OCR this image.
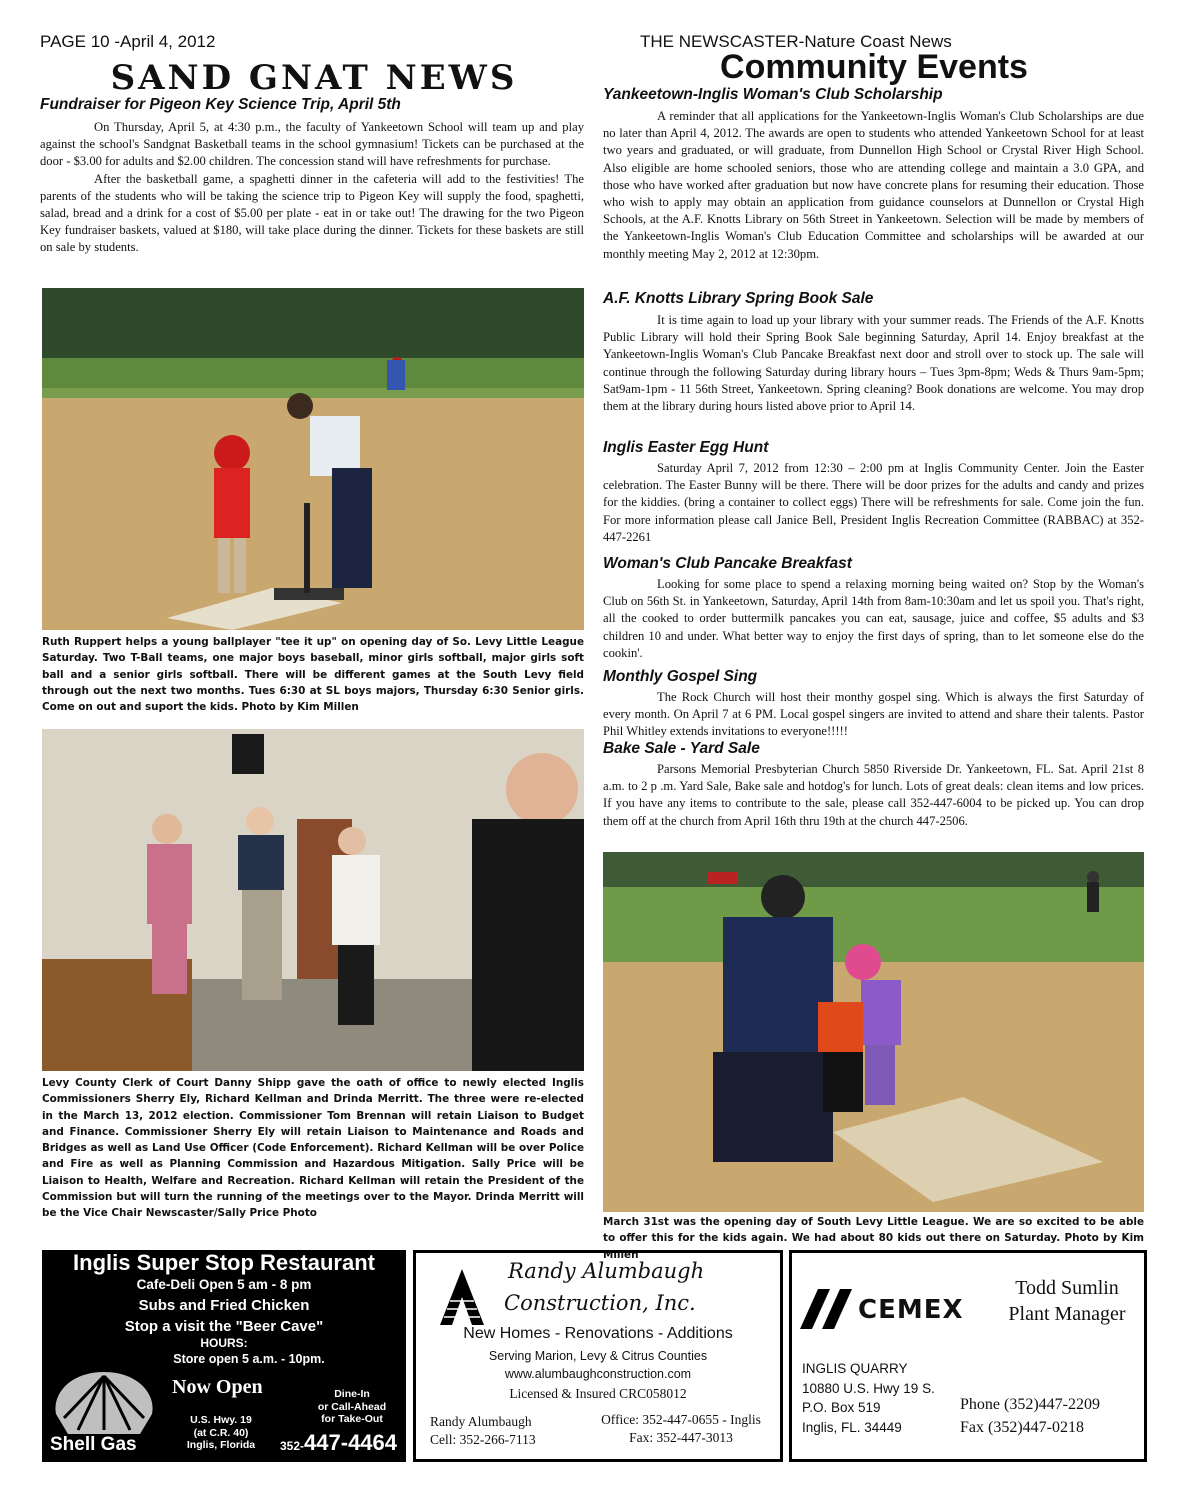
PAGE 10 -April 4, 2012	THE NEWSCASTER-Nature Coast News
SAND GNAT NEWS
Fundraiser for Pigeon Key Science Trip, April 5th

On Thursday, April 5, at 4:30 p.m., the faculty of Yankeetown School will team up and play against the school's Sandgnat Basketball teams in the school gymnasium! Tickets can be purchased at the door - $3.00 for adults and $2.00 children. The concession stand will have refreshments for purchase.

After the basketball game, a spaghetti dinner in the cafeteria will add to the festivities! The parents of the students who will be taking the science trip to Pigeon Key will supply the food, spaghetti, salad, bread and a drink for a cost of $5.00 per plate - eat in or take out! The drawing for the two Pigeon Key fundraiser baskets, valued at $180, will take place during the dinner. Tickets for these baskets are still on sale by students.

Ruth Ruppert helps a young ballplayer "tee it up" on opening day of So. Levy Little League Saturday. Two T-Ball teams, one major boys baseball, minor girls softball, major girls soft ball and a senior girls softball. There will be different games at the South Levy field through out the next two months. Tues 6:30 at SL boys majors, Thursday 6:30 Senior girls. Come on out and suport the kids. Photo by Kim Millen
Levy County Clerk of Court Danny Shipp gave the oath of office to newly elected Inglis Commissioners Sherry Ely, Richard Kellman and Drinda Merritt. The three were re-elected in the March 13, 2012 election. Commissioner Tom Brennan will retain Liaison to Budget and Finance. Commissioner Sherry Ely will retain Liaison to Maintenance and Roads and Bridges as well as Land Use Officer (Code Enforcement). Richard Kellman will be over Police and Fire as well as Planning Commission and Hazardous Mitigation. Sally Price will be Liaison to Health, Welfare and Recreation. Richard Kellman will retain the President of the Commission but will turn the running of the meetings over to the Mayor. Drinda Merritt will be the Vice Chair Newscaster/Sally Price Photo
Community Events
Yankeetown-Inglis Woman's Club Scholarship

A reminder that all applications for the Yankeetown-Inglis Woman's Club Scholarships are due no later than April 4, 2012. The awards are open to students who attended Yankeetown School for at least two years and graduated, or will graduate, from Dunnellon High School or Crystal River High School. Also eligible are home schooled seniors, those who are attending college and maintain a 3.0 GPA, and those who have worked after graduation but now have concrete plans for resuming their education. Those who wish to apply may obtain an application from guidance counselors at Dunnellon or Crystal High Schools, at the A.F. Knotts Library on 56th Street in Yankeetown. Selection will be made by members of the Yankeetown-Inglis Woman's Club Education Committee and scholarships will be awarded at our monthly meeting May 2, 2012 at 12:30pm.

A.F. Knotts Library Spring Book Sale

It is time again to load up your library with your summer reads. The Friends of the A.F. Knotts Public Library will hold their Spring Book Sale beginning Saturday, April 14. Enjoy breakfast at the Yankeetown-Inglis Woman's Club Pancake Breakfast next door and stroll over to stock up. The sale will continue through the following Saturday during library hours – Tues 3pm-8pm; Weds & Thurs 9am-5pm; Sat9am-1pm - 11 56th Street, Yankeetown. Spring cleaning? Book donations are welcome. You may drop them at the library during hours listed above prior to April 14.

Inglis Easter Egg Hunt

Saturday April 7, 2012 from 12:30 – 2:00 pm at Inglis Community Center. Join the Easter celebration. The Easter Bunny will be there. There will be door prizes for the adults and candy and prizes for the kiddies. (bring a container to collect eggs) There will be refreshments for sale. Come join the fun. For more information please call Janice Bell, President Inglis Recreation Committee (RABBAC) at 352-447-2261

Woman's Club Pancake Breakfast

Looking for some place to spend a relaxing morning being waited on? Stop by the Woman's Club on 56th St. in Yankeetown, Saturday, April 14th from 8am-10:30am and let us spoil you. That's right, all the cooked to order buttermilk pancakes you can eat, sausage, juice and coffee, $5 adults and $3 children 10 and under. What better way to enjoy the first days of spring, than to let someone else do the cookin'.

Monthly Gospel Sing

The Rock Church will host their monthy gospel sing. Which is always the first Saturday of every month. On April 7 at 6 PM. Local gospel singers are invited to attend and share their talents. Pastor Phil Whitley extends invitations to everyone!!!!!

Bake Sale - Yard Sale

Parsons Memorial Presbyterian Church 5850 Riverside Dr. Yankeetown, FL. Sat. April 21st 8 a.m. to 2 p .m. Yard Sale, Bake sale and hotdog's for lunch. Lots of great deals: clean items and low prices. If you have any items to contribute to the sale, please call 352-447-6004 to be picked up. You can drop them off at the church from April 16th thru 19th at the church 447-2506.

March 31st was the opening day of South Levy Little League. We are so excited to be able to offer this for the kids again. We had about 80 kids out there on Saturday. Photo by Kim Millen
Inglis Super Stop Restaurant
Cafe-Deli Open 5 am - 8 pm
Subs and Fried Chicken
Stop a visit the "Beer Cave"
HOURS:
Store open 5 a.m. - 10pm.
Now Open	Dine-In
or Call-Ahead
for Take-Out
U.S. Hwy. 19
(at C.R. 40)
Inglis, Florida
Shell Gas	352-447-4464
Randy Alumbaugh
Construction, Inc.
New Homes - Renovations - Additions
Serving Marion, Levy & Citrus Counties
www.alumbaughconstruction.com
Licensed & Insured CRC058012
Randy Alumbaugh
Cell: 352-266-7113
Office: 352-447-0655 - Inglis
Fax: 352-447-3013
CEMEX
Todd Sumlin
Plant Manager
INGLIS QUARRY
10880 U.S. Hwy 19 S.
P.O. Box 519
Inglis, FL. 34449
Phone (352)447-2209
Fax (352)447-0218
